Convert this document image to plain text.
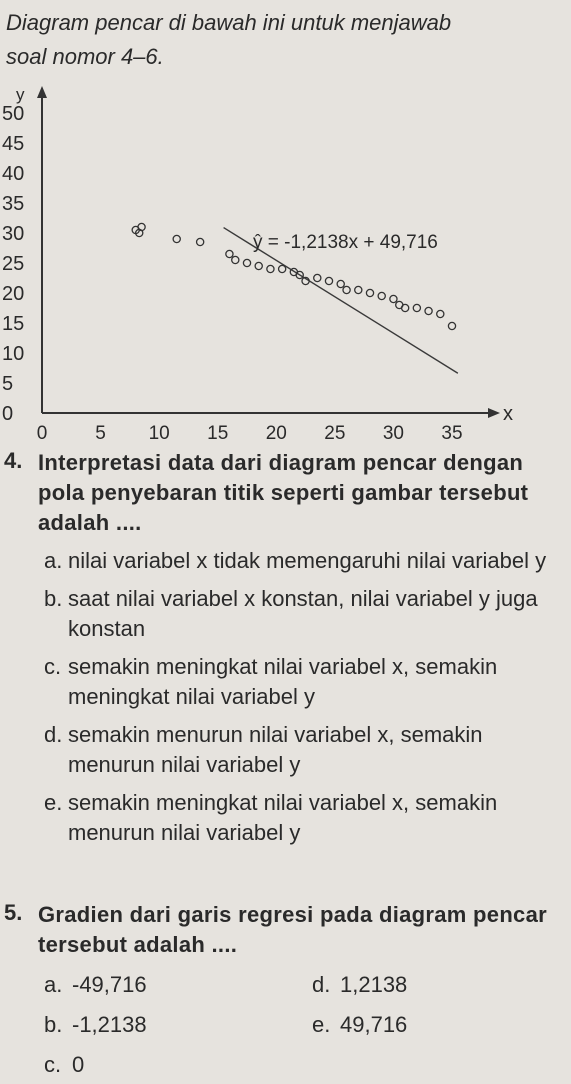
Diagram pencar di bawah ini untuk menjawab
soal nomor 4–6.
0
5
10
15
20
25
30
35
40
45
50
0	5 10 15 20 25 30 35
y
x
ŷ = -1,2138x + 49,716
4. Interpretasi data dari diagram pencar dengan pola penyebaran titik seperti gambar tersebut adalah ....
a. nilai variabel x tidak memengaruhi nilai variabel y
b. saat nilai variabel x konstan, nilai variabel y juga konstan
c. semakin meningkat nilai variabel x, semakin meningkat nilai variabel y
d. semakin menurun nilai variabel x, semakin menurun nilai variabel y
e. semakin meningkat nilai variabel x, semakin menurun nilai variabel y
5. Gradien dari garis regresi pada diagram pencar tersebut adalah ....
a. -49,716	d. 1,2138
b. -1,2138	e. 49,716
c. 0
